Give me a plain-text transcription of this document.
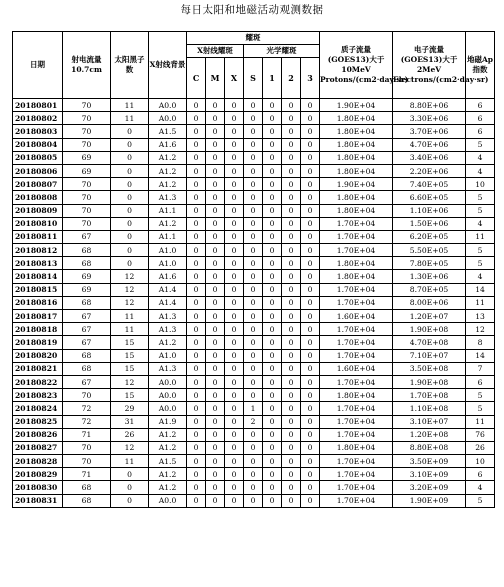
每日太阳和地磁活动观测数据
日期	射电流量 10.7cm	太阳黑子数	X射线背景	耀斑							质子流量 (GOES13)大于 10MeV Protons/(cm2·day·sr)	电子流量 (GOES13)大于 2MeV Electrons/(cm2·day·sr)	地磁Ap指数
				X射线耀斑			光学耀斑						
				C	M	X	S	1	2	3			
20180801	70	11	A0.0	0	0	0	0	0	0	0	1.90E+04	8.80E+06	6
20180802	70	11	A0.0	0	0	0	0	0	0	0	1.80E+04	3.30E+06	6
20180803	70	0	A1.5	0	0	0	0	0	0	0	1.80E+04	3.70E+06	6
20180804	70	0	A1.6	0	0	0	0	0	0	0	1.80E+04	4.70E+06	5
20180805	69	0	A1.2	0	0	0	0	0	0	0	1.80E+04	3.40E+06	4
20180806	69	0	A1.2	0	0	0	0	0	0	0	1.80E+04	2.20E+06	4
20180807	70	0	A1.2	0	0	0	0	0	0	0	1.90E+04	7.40E+05	10
20180808	70	0	A1.3	0	0	0	0	0	0	0	1.80E+04	6.60E+05	5
20180809	70	0	A1.1	0	0	0	0	0	0	0	1.80E+04	1.10E+06	5
20180810	70	0	A1.2	0	0	0	0	0	0	0	1.70E+04	1.50E+06	4
20180811	67	0	A1.1	0	0	0	0	0	0	0	1.70E+04	6.20E+05	11
20180812	68	0	A1.0	0	0	0	0	0	0	0	1.70E+04	5.50E+05	5
20180813	68	0	A1.0	0	0	0	0	0	0	0	1.80E+04	7.80E+05	5
20180814	69	12	A1.6	0	0	0	0	0	0	0	1.80E+04	1.30E+06	4
20180815	69	12	A1.4	0	0	0	0	0	0	0	1.70E+04	8.70E+05	14
20180816	68	12	A1.4	0	0	0	0	0	0	0	1.70E+04	8.00E+06	11
20180817	67	11	A1.3	0	0	0	0	0	0	0	1.60E+04	1.20E+07	13
20180818	67	11	A1.3	0	0	0	0	0	0	0	1.70E+04	1.90E+08	12
20180819	67	15	A1.2	0	0	0	0	0	0	0	1.70E+04	4.70E+08	8
20180820	68	15	A1.0	0	0	0	0	0	0	0	1.70E+04	7.10E+07	14
20180821	68	15	A1.3	0	0	0	0	0	0	0	1.60E+04	3.50E+08	7
20180822	67	12	A0.0	0	0	0	0	0	0	0	1.70E+04	1.90E+08	6
20180823	70	15	A0.0	0	0	0	0	0	0	0	1.80E+04	1.70E+08	5
20180824	72	29	A0.0	0	0	0	1	0	0	0	1.70E+04	1.10E+08	5
20180825	72	31	A1.9	0	0	0	2	0	0	0	1.70E+04	3.10E+07	11
20180826	71	26	A1.2	0	0	0	0	0	0	0	1.70E+04	1.20E+08	76
20180827	70	12	A1.2	0	0	0	0	0	0	0	1.80E+04	8.80E+08	26
20180828	70	11	A1.5	0	0	0	0	0	0	0	1.70E+04	3.50E+09	10
20180829	71	0	A1.2	0	0	0	0	0	0	0	1.70E+04	3.10E+09	6
20180830	68	0	A1.2	0	0	0	0	0	0	0	1.70E+04	3.20E+09	4
20180831	68	0	A0.0	0	0	0	0	0	0	0	1.70E+04	1.90E+09	5
